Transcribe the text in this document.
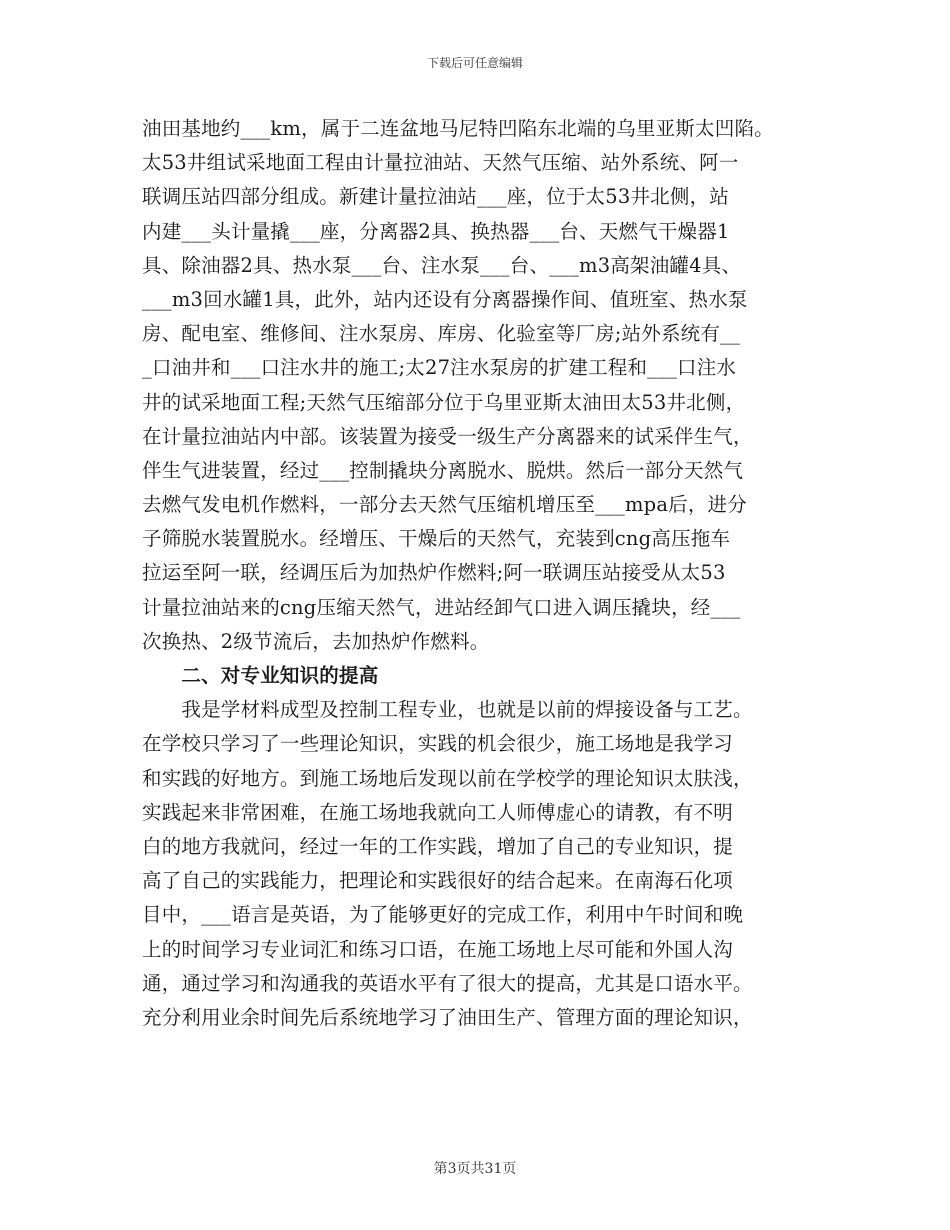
下载后可任意编辑
油田基地约___km，属于二连盆地马尼特凹陷东北端的乌里亚斯太凹陷。
太53井组试采地面工程由计量拉油站、天然气压缩、站外系统、阿一
联调压站四部分组成。新建计量拉油站___座，位于太53井北侧，站
内建___头计量撬___座，分离器2具、换热器___台、天燃气干燥器1
具、除油器2具、热水泵___台、注水泵___台、___m3高架油罐4具、
___m3回水罐1具，此外，站内还设有分离器操作间、值班室、热水泵
房、配电室、维修间、注水泵房、库房、化验室等厂房;站外系统有__
_口油井和___口注水井的施工;太27注水泵房的扩建工程和___口注水
井的试采地面工程;天然气压缩部分位于乌里亚斯太油田太53井北侧，
在计量拉油站内中部。该装置为接受一级生产分离器来的试采伴生气，
伴生气进装置，经过___控制撬块分离脱水、脱烘。然后一部分天然气
去燃气发电机作燃料，一部分去天然气压缩机增压至___mpa后，进分
子筛脱水装置脱水。经增压、干燥后的天然气，充装到cng高压拖车
拉运至阿一联，经调压后为加热炉作燃料;阿一联调压站接受从太53
计量拉油站来的cng压缩天然气，进站经卸气口进入调压撬块，经___
次换热、2级节流后，去加热炉作燃料。
　　二、对专业知识的提高
　　我是学材料成型及控制工程专业，也就是以前的焊接设备与工艺。
在学校只学习了一些理论知识，实践的机会很少，施工场地是我学习
和实践的好地方。到施工场地后发现以前在学校学的理论知识太肤浅，
实践起来非常困难，在施工场地我就向工人师傅虚心的请教，有不明
白的地方我就问，经过一年的工作实践，增加了自己的专业知识，提
高了自己的实践能力，把理论和实践很好的结合起来。在南海石化项
目中，___语言是英语，为了能够更好的完成工作，利用中午时间和晚
上的时间学习专业词汇和练习口语，在施工场地上尽可能和外国人沟
通，通过学习和沟通我的英语水平有了很大的提高，尤其是口语水平。
充分利用业余时间先后系统地学习了油田生产、管理方面的理论知识，
第3页共31页
